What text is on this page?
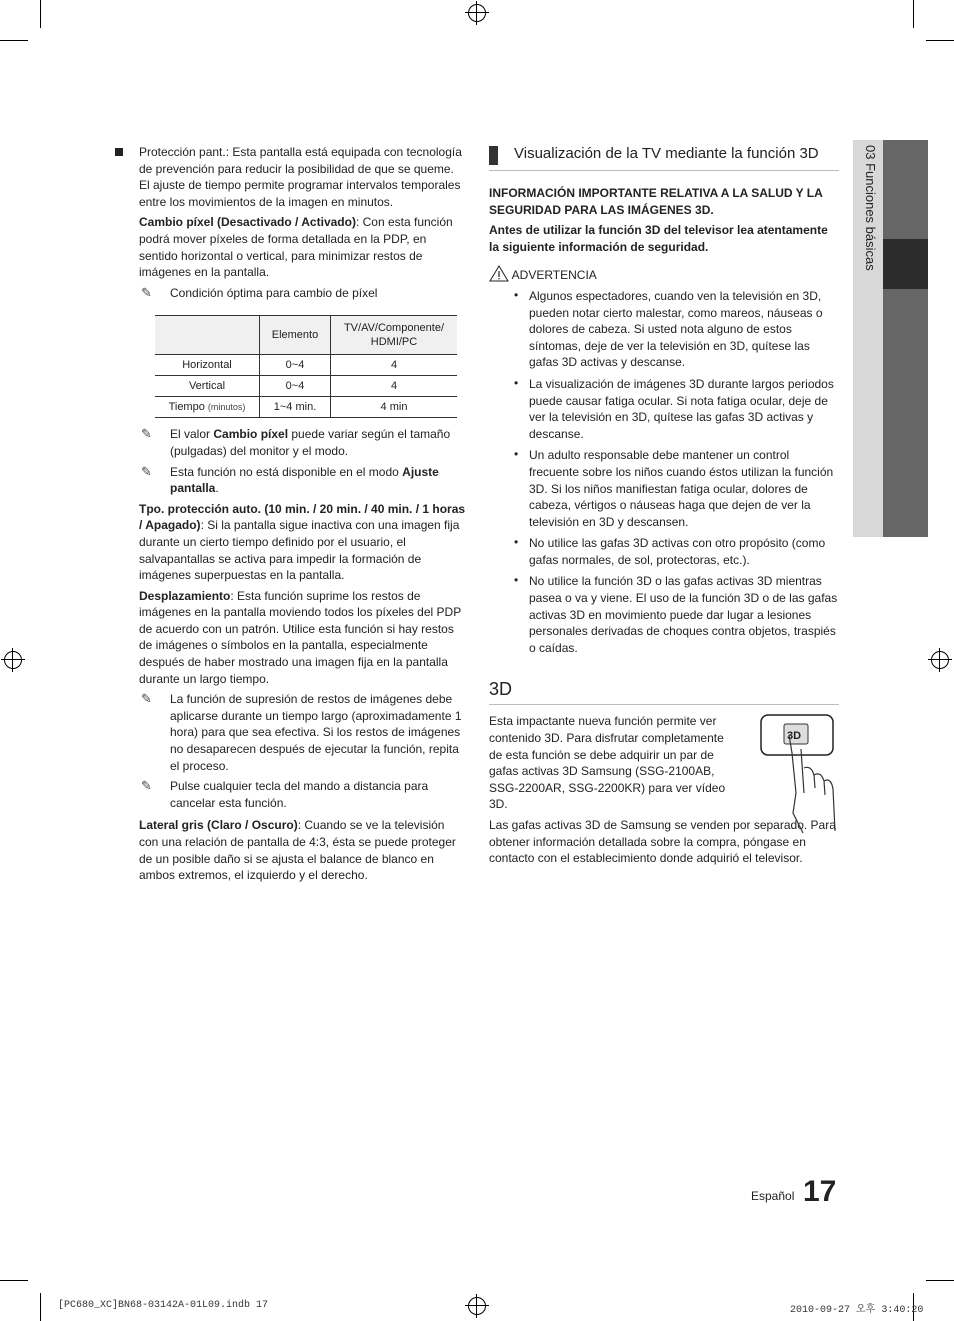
03 Funciones básicas

Protección pant.: Esta pantalla está equipada con tecnología de prevención para reducir la posibilidad de que se queme. El ajuste de tiempo permite programar intervalos temporales entre los movimientos de la imagen en minutos.

Cambio píxel (Desactivado / Activado): Con esta función podrá mover píxeles de forma detallada en la PDP, en sentido horizontal o vertical, para minimizar restos de imágenes en la pantalla.

✎ Condición óptima para cambio de píxel
	Elemento	TV/AV/Componente/ HDMI/PC
Horizontal	0~4	4
Vertical	0~4	4
Tiempo (minutos)	1~4 min.	4 min
✎ El valor Cambio píxel puede variar según el tamaño (pulgadas) del monitor y el modo.
✎ Esta función no está disponible en el modo Ajuste pantalla.

Tpo. protección auto. (10 min. / 20 min. / 40 min. / 1 horas / Apagado): Si la pantalla sigue inactiva con una imagen fija durante un cierto tiempo definido por el usuario, el salvapantallas se activa para impedir la formación de imágenes superpuestas en la pantalla.

Desplazamiento: Esta función suprime los restos de imágenes en la pantalla moviendo todos los píxeles del PDP de acuerdo con un patrón. Utilice esta función si hay restos de imágenes o símbolos en la pantalla, especialmente después de haber mostrado una imagen fija en la pantalla durante un largo tiempo.

✎ La función de supresión de restos de imágenes debe aplicarse durante un tiempo largo (aproximadamente 1 hora) para que sea efectiva. Si los restos de imágenes no desaparecen después de ejecutar la función, repita el proceso.
✎ Pulse cualquier tecla del mando a distancia para cancelar esta función.

Lateral gris (Claro / Oscuro): Cuando se ve la televisión con una relación de pantalla de 4:3, ésta se puede proteger de un posible daño si se ajusta el balance de blanco en ambos extremos, el izquierdo y el derecho.

Visualización de la TV mediante la función 3D

INFORMACIÓN IMPORTANTE RELATIVA A LA SALUD Y LA SEGURIDAD PARA LAS IMÁGENES 3D.

Antes de utilizar la función 3D del televisor lea atentamente la siguiente información de seguridad.

ADVERTENCIA
• Algunos espectadores, cuando ven la televisión en 3D, pueden notar cierto malestar, como mareos, náuseas o dolores de cabeza. Si usted nota alguno de estos síntomas, deje de ver la televisión en 3D, quítese las gafas 3D activas y descanse.
• La visualización de imágenes 3D durante largos periodos puede causar fatiga ocular. Si nota fatiga ocular, deje de ver la televisión en 3D, quítese las gafas 3D activas y descanse.
• Un adulto responsable debe mantener un control frecuente sobre los niños cuando éstos utilizan la función 3D. Si los niños manifiestan fatiga ocular, dolores de cabeza, vértigos o náuseas haga que dejen de ver la televisión en 3D y descansen.
• No utilice las gafas 3D activas con otro propósito (como gafas normales, de sol, protectoras, etc.).
• No utilice la función 3D o las gafas activas 3D mientras pasea o va y viene. El uso de la función 3D o de las gafas activas 3D en movimiento puede dar lugar a lesiones personales derivadas de choques contra objetos, traspiés o caídas.
3D
3D

Esta impactante nueva función permite ver contenido 3D. Para disfrutar completamente de esta función se debe adquirir un par de gafas activas 3D Samsung (SSG-2100AB, SSG-2200AR, SSG-2200KR) para ver vídeo 3D.

Las gafas activas 3D de Samsung se venden por separado. Para obtener información detallada sobre la compra, póngase en contacto con el establecimiento donde adquirió el televisor.

Español 17
[PC680_XC]BN68-03142A-01L09.indb 17	2010-09-27 오후 3:40:20
